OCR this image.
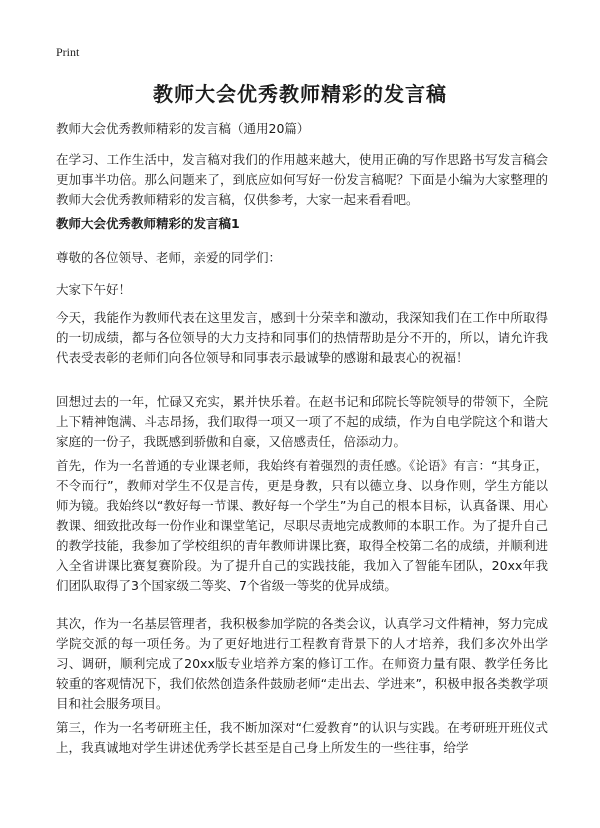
Print
教师大会优秀教师精彩的发言稿

教师大会优秀教师精彩的发言稿（通用20篇）

在学习、工作生活中，发言稿对我们的作用越来越大，使用正确的写作思路书写发言稿会更加事半功倍。那么问题来了，到底应如何写好一份发言稿呢？下面是小编为大家整理的教师大会优秀教师精彩的发言稿，仅供参考，大家一起来看看吧。

教师大会优秀教师精彩的发言稿1

尊敬的各位领导、老师，亲爱的同学们：

大家下午好！

今天，我能作为教师代表在这里发言，感到十分荣幸和激动，我深知我们在工作中所取得的一切成绩，都与各位领导的大力支持和同事们的热情帮助是分不开的，所以，请允许我代表受表彰的老师们向各位领导和同事表示最诚挚的感谢和最衷心的祝福！

回想过去的一年，忙碌又充实，累并快乐着。在赵书记和邱院长等院领导的带领下，全院上下精神饱满、斗志昂扬，我们取得一项又一项了不起的成绩，作为自电学院这个和谐大家庭的一份子，我既感到骄傲和自豪，又倍感责任，倍添动力。

首先，作为一名普通的专业课老师，我始终有着强烈的责任感。《论语》有言：“其身正，不令而行”，教师对学生不仅是言传，更是身教，只有以德立身、以身作则，学生方能以师为镜。我始终以“教好每一节课、教好每一个学生”为自己的根本目标，认真备课、用心教课、细致批改每一份作业和课堂笔记，尽职尽责地完成教师的本职工作。为了提升自己的教学技能，我参加了学校组织的青年教师讲课比赛，取得全校第二名的成绩，并顺利进入全省讲课比赛复赛阶段。为了提升自己的实践技能，我加入了智能车团队，20xx年我们团队取得了3个国家级二等奖、7个省级一等奖的优异成绩。

其次，作为一名基层管理者，我积极参加学院的各类会议，认真学习文件精神，努力完成学院交派的每一项任务。为了更好地进行工程教育背景下的人才培养，我们多次外出学习、调研，顺利完成了20xx版专业培养方案的修订工作。在师资力量有限、教学任务比较重的客观情况下，我们依然创造条件鼓励老师“走出去、学进来”，积极申报各类教学项目和社会服务项目。

第三，作为一名考研班主任，我不断加深对“仁爱教育”的认识与实践。在考研班开班仪式上，我真诚地对学生讲述优秀学长甚至是自己身上所发生的一些往事，给学
